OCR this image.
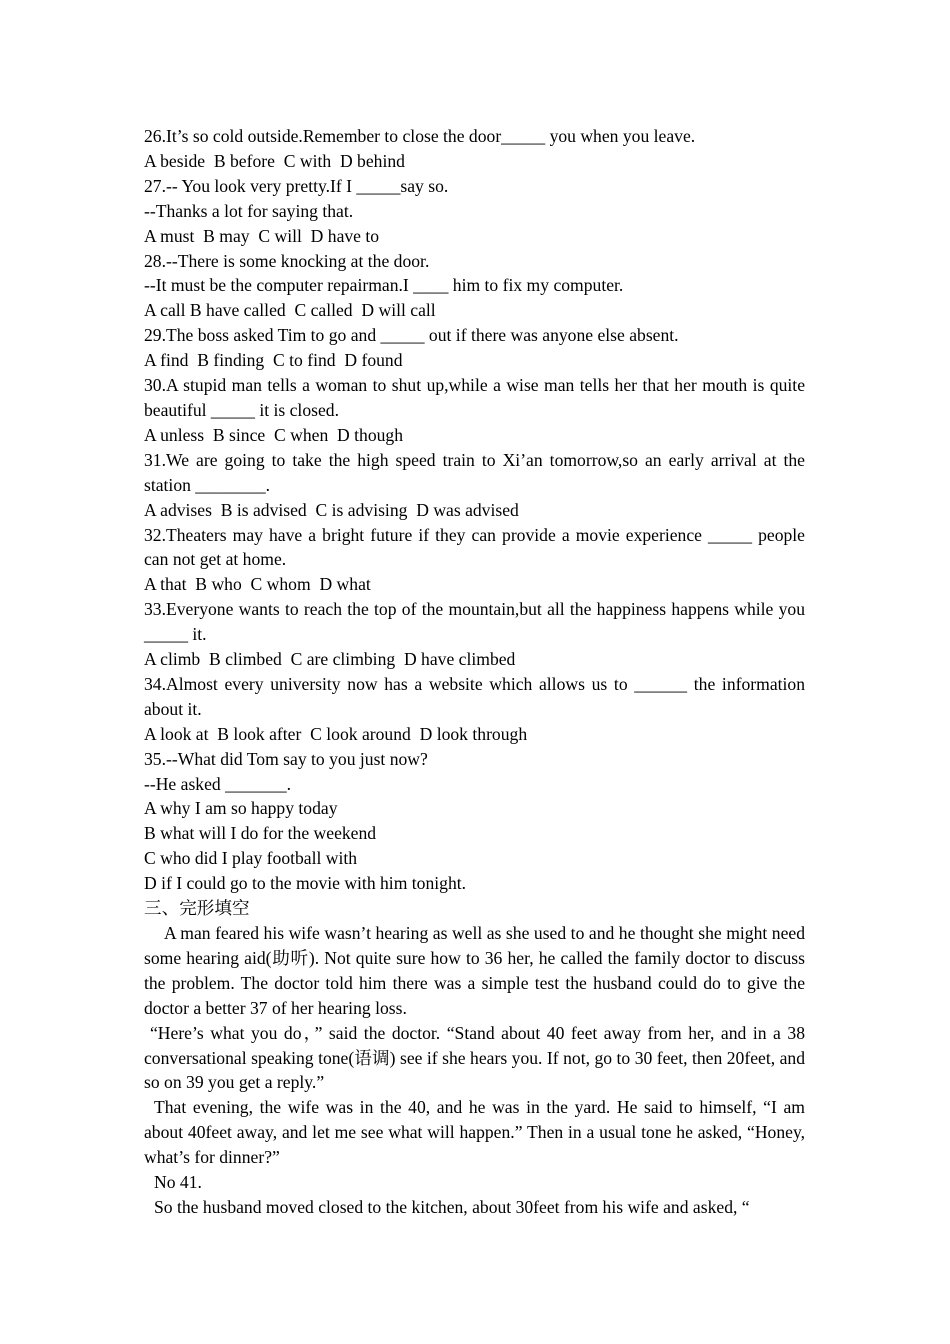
26.It’s so cold outside.Remember to close the door_____ you when you leave.

A beside  B before  C with  D behind

27.-- You look very pretty.If I _____say so.

--Thanks a lot for saying that.

A must  B may  C will  D have to

28.--There is some knocking at the door.

--It must be the computer repairman.I ____ him to fix my computer.

A call B have called  C called  D will call

29.The boss asked Tim to go and _____ out if there was anyone else absent.

A find  B finding  C to find  D found

30.A stupid man tells a woman to shut up,while a wise man tells her that her mouth is quite beautiful _____ it is closed.

A unless  B since  C when  D though

31.We are going to take the high speed train to Xi’an tomorrow,so an early arrival at the station ________.

A advises  B is advised  C is advising  D was advised

32.Theaters may have a bright future if they can provide a movie experience _____ people can not get at home.

A that  B who  C whom  D what

33.Everyone wants to reach the top of the mountain,but all the happiness happens while you _____ it.

A climb  B climbed  C are climbing  D have climbed

34.Almost every university now has a website which allows us to ______ the information about it.

A look at  B look after  C look around  D look through

35.--What did Tom say to you just now?

--He asked _______.

A why I am so happy today

B what will I do for the weekend

C who did I play football with

D if I could go to the movie with him tonight.

三、完形填空

A man feared his wife wasn’t hearing as well as she used to and he thought she might need some hearing aid(助听). Not quite sure how to 36 her, he called the family doctor to discuss the problem. The doctor told him there was a simple test the husband could do to give the doctor a better 37 of her hearing loss.

“Here’s what you do，” said the doctor. “Stand about 40 feet away from her, and in a 38 conversational speaking tone(语调) see if she hears you. If not, go to 30 feet, then 20feet, and so on 39 you get a reply.”

That evening, the wife was in the 40, and he was in the yard. He said to himself, “I am about 40feet away, and let me see what will happen.” Then in a usual tone he asked, “Honey, what’s for dinner?”

No 41.

So the husband moved closed to the kitchen, about 30feet from his wife and asked, “
